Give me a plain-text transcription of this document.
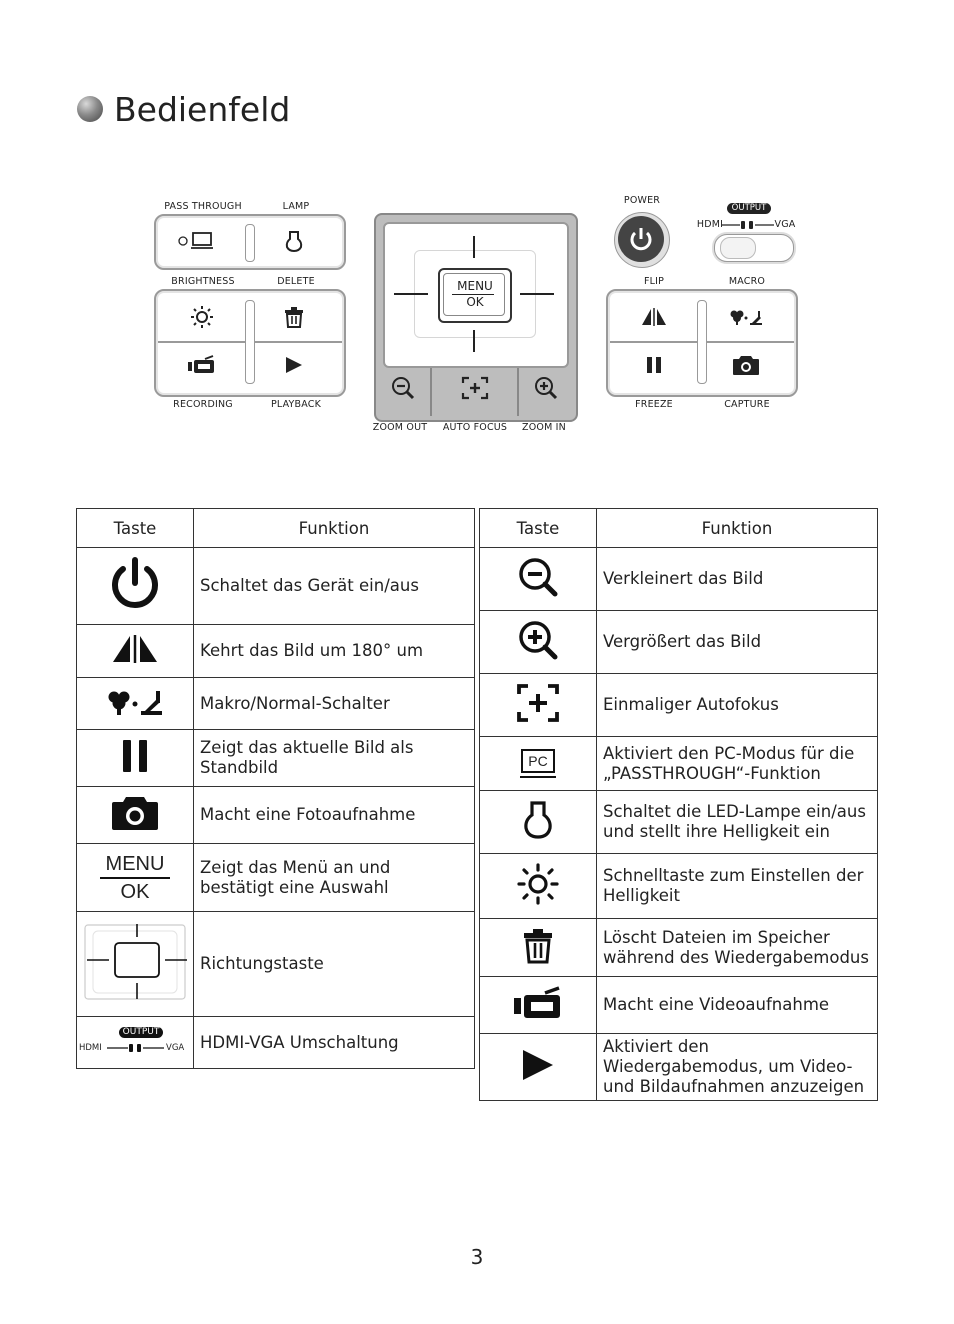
Bedienfeld
PASS THROUGH	LAMP
BRIGHTNESS	DELETE
RECORDING	PLAYBACK
MENU
OK
ZOOM OUT	AUTO FOCUS	ZOOM IN
POWER
OUTPUT
HDMI	VGA
FLIP	MACRO
FREEZE	CAPTURE
Taste	Funktion
	Schaltet das Gerät ein/aus
	Kehrt das Bild um 180° um
	Makro/Normal-Schalter
	Zeigt das aktuelle Bild als Standbild
	Macht eine Fotoaufnahme

MENU
OK	Zeigt das Menü an und bestätigt eine Auswahl
	Richtungstaste

OUTPUT
HDMI VGA	HDMI-VGA Umschaltung
Taste	Funktion
	Verkleinert das Bild
	Vergrößert das Bild
	Einmaliger Autofokus

PC	Aktiviert den PC-Modus für die „PASSTHROUGH“-Funktion
	Schaltet die LED-Lampe ein/aus und stellt ihre Helligkeit ein
	Schnelltaste zum Einstellen der Helligkeit
	Löscht Dateien im Speicher während des Wiedergabemodus
	Macht eine Videoaufnahme
	Aktiviert den Wiedergabemodus, um Video- und Bildaufnahmen anzuzeigen
3
